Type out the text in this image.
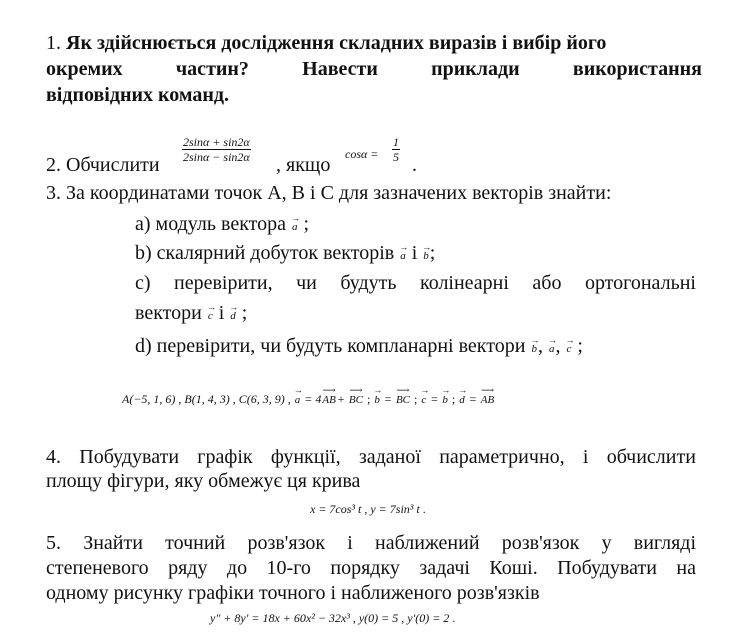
1. Як здійснюється дослідження складних виразів і вибір його
окремих	частин?	Навести	приклади	використання
відповідних команд.
2. Обчислити
$\frac{2\sin\alpha + \sin 2\alpha}{2\sin\alpha - \sin 2\alpha}$
, якщо $\cos\alpha = \frac{1}{5}$
.
3. За координатами точок А, В і С для зазначених векторів знайти:
а) модуль вектора → a ;
b) скалярний добуток векторів → a і → b;
с) перевірити, чи будуть колінеарні або ортогональні
вектори → c і → d ;
d) перевірити, чи будуть компланарні вектори → b, → a, → c ;
A(−5, 1, 6) , B(1, 4, 3) , C(6, 3, 9) , → a = 4⟶ AB+ ⟶ BC ; → b = ⟶ BC ; → c = → b ; → d = ⟶ AB
4. Побудувати графік функції, заданої параметрично, і обчислити
площу фігури, яку обмежує ця крива
x = 7cos³ t , y = 7sin³ t .
5. Знайти точний розв'язок і наближений розв'язок у вигляді
степеневого ряду до 10-го порядку задачі Коші. Побудувати на
одному рисунку графіки точного і наближеного розв'язків
y″ + 8y′ = 18x + 60x² − 32x³ , y(0) = 5 , y′(0) = 2 .
